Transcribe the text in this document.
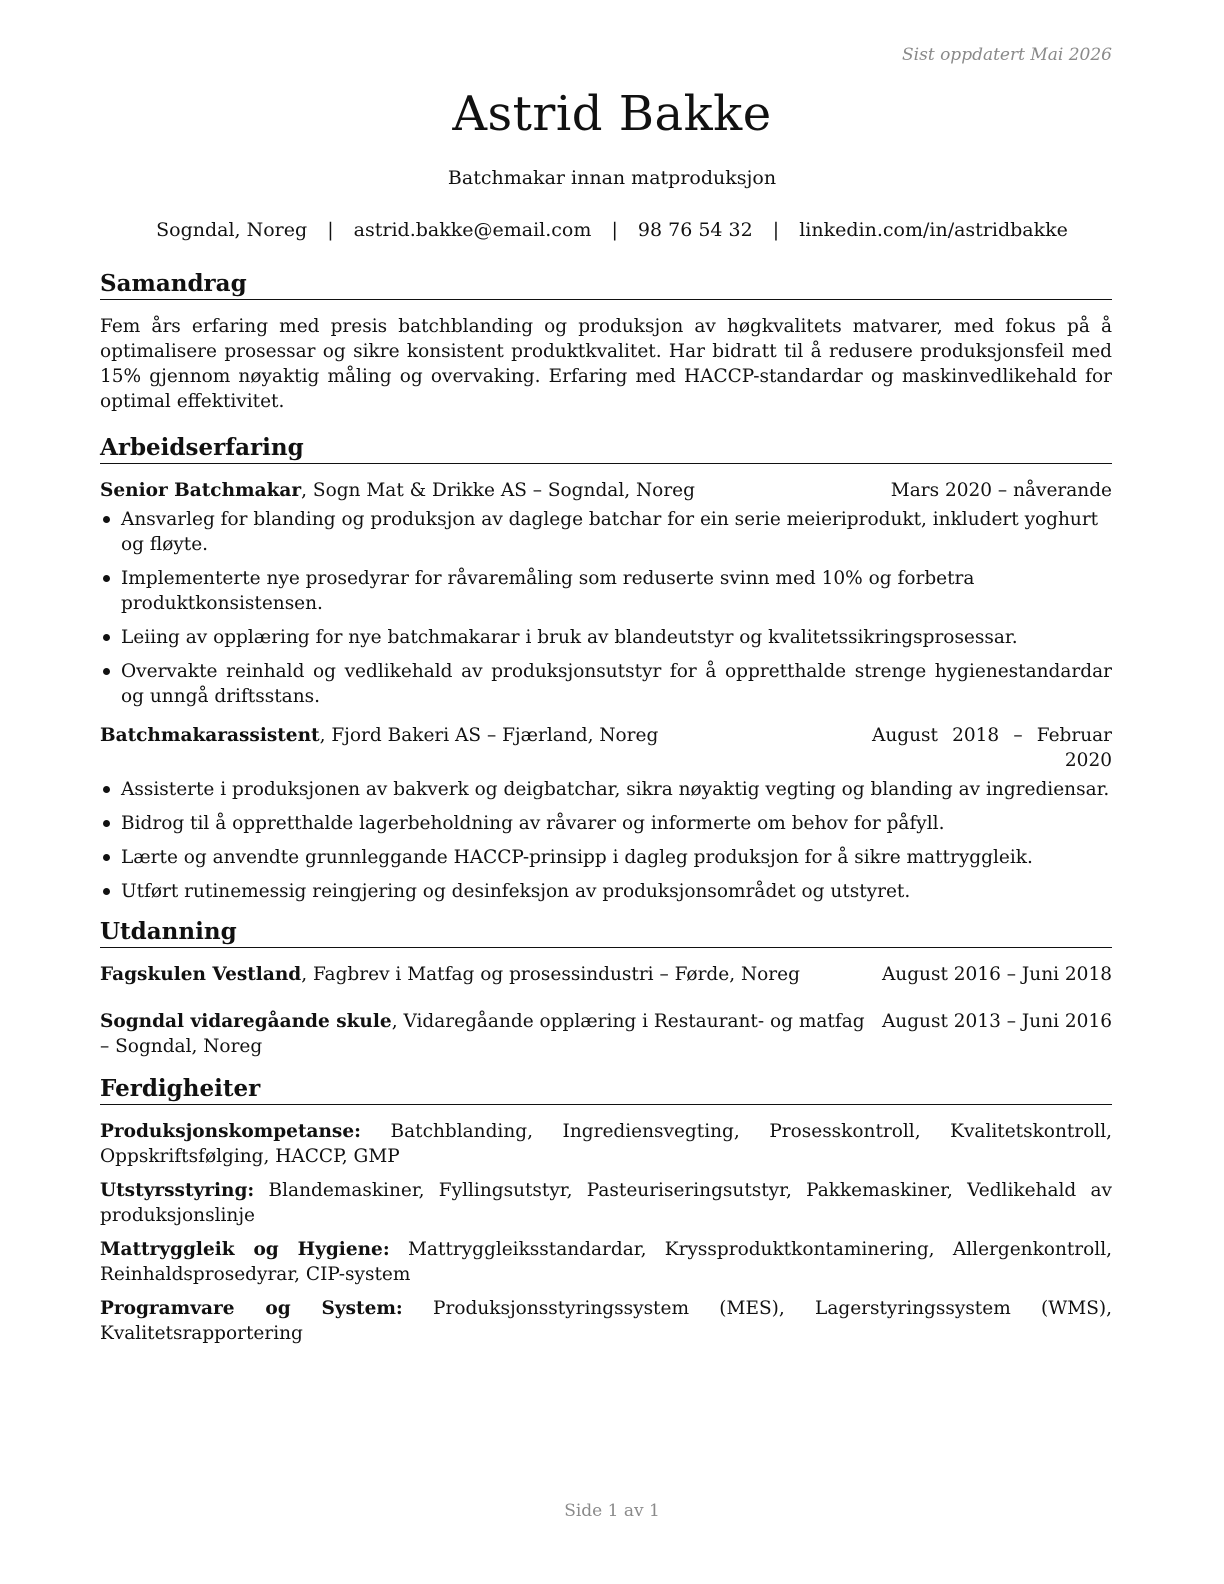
Sist oppdatert Mai 2026
Astrid Bakke
Batchmakar innan matproduksjon
Sogndal, Noreg | astrid.bakke@email.com | 98 76 54 32 | linkedin.com/in/astridbakke
Samandrag

Fem års erfaring med presis batchblanding og produksjon av høgkvalitets matvarer, med fokus på å optimalisere prosessar og sikre konsistent produktkvalitet. Har bidratt til å redusere produksjonsfeil med 15% gjennom nøyaktig måling og overvaking. Erfaring med HACCP-standardar og maskinvedlikehald for optimal effektivitet.

Arbeidserfaring
Senior Batchmakar, Sogn Mat & Drikke AS – Sogndal, Noreg	Mars 2020 – nåverande
Ansvarleg for blanding og produksjon av daglege batchar for ein serie meieriprodukt, inkludert yoghurt og fløyte.
Implementerte nye prosedyrar for råvaremåling som reduserte svinn med 10% og forbetra produktkonsistensen.
Leiing av opplæring for nye batchmakarar i bruk av blandeutstyr og kvalitetssikringsprosessar.
Overvakte reinhald og vedlikehald av produksjonsutstyr for å oppretthalde strenge hygienestandardar og unngå driftsstans.
Batchmakarassistent, Fjord Bakeri AS – Fjærland, Noreg	August 2018 – Februar 2020
Assisterte i produksjonen av bakverk og deigbatchar, sikra nøyaktig vegting og blanding av ingrediensar.
Bidrog til å oppretthalde lagerbeholdning av råvarer og informerte om behov for påfyll.
Lærte og anvendte grunnleggande HACCP-prinsipp i dagleg produksjon for å sikre mattryggleik.
Utført rutinemessig reingjering og desinfeksjon av produksjonsområdet og utstyret.
Utdanning
Fagskulen Vestland, Fagbrev i Matfag og prosessindustri – Førde, Noreg	August 2016 – Juni 2018
Sogndal vidaregåande skule, Vidaregåande opplæring i Restaurant- og matfag – Sogndal, Noreg
August 2013 – Juni 2016
Ferdigheiter
Produksjonskompetanse: Batchblanding, Ingrediensvegting, Prosesskontroll, Kvalitetskontroll, Oppskriftsfølging, HACCP, GMP
Utstyrsstyring: Blandemaskiner, Fyllingsutstyr, Pasteuriseringsutstyr, Pakkemaskiner, Vedlikehald av produksjonslinje
Mattryggleik og Hygiene: Mattryggleiksstandardar, Kryssproduktkontaminering, Allergenkontroll, Reinhaldsprosedyrar, CIP-system
Programvare og System: Produksjonsstyringssystem (MES), Lagerstyringssystem (WMS), Kvalitetsrapportering
Side 1 av 1
